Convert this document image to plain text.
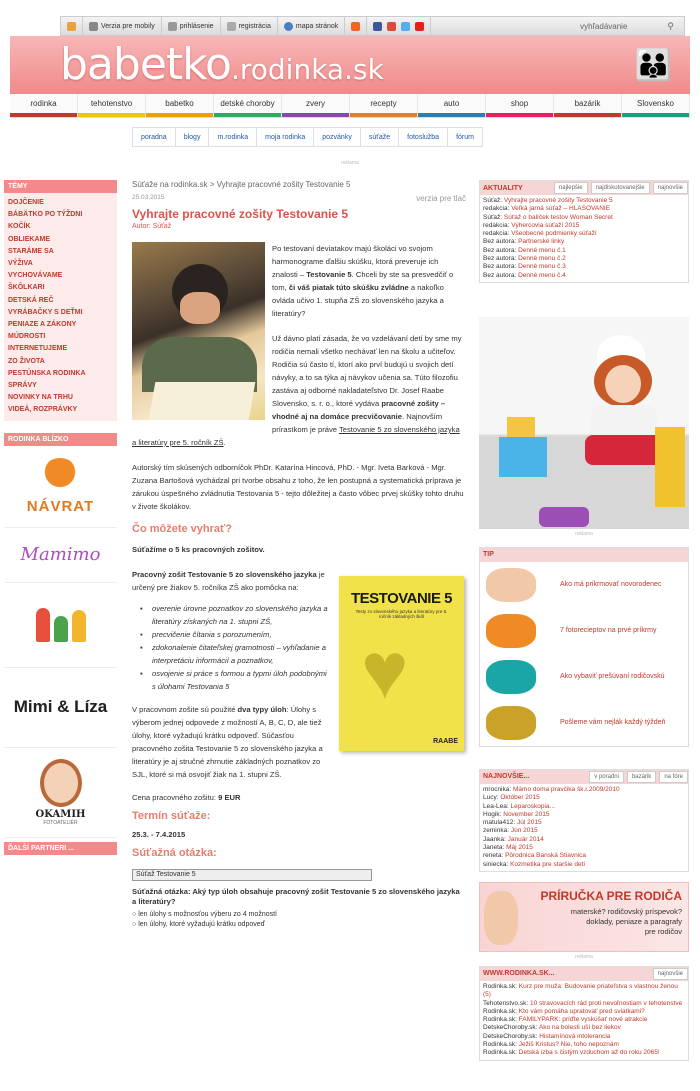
Verzia pre mobily	prihlásenie	registrácia	mapa stránok	vyhľadávanie	⚲
babetko.rodinka.sk	👪
rodinka	tehotenstvo	babetko	detské choroby	zvery	recepty	auto	shop	bazárik	Slovensko
poradna	blogy	m.rodinka	moja rodinka	pozvánky	súťaže	fotoslužba	fórum
reklama
TÉMY
DOJČENIE
BÁBÄTKO PO TÝŽDNI
KOČÍK
OBLIEKAME
STARÁME SA
VÝŽIVA
VYCHOVÁVAME
ŠKÔLKARI
DETSKÁ REČ
VYRÁBAČKY S DEŤMI
PENIAZE A ZÁKONY
MÚDROSTI
INTERNETUJEME
ZO ŽIVOTA
PESTÚNSKA RODINKA
SPRÁVY
NOVINKY NA TRHU
VIDEÁ, ROZPRÁVKY
RODINKA BLÍZKO
NÁVRAT
Mamimo
Mimi & Líza
OKAMIH
FOTOATELIÉR
ĎALŠÍ PARTNERI ...
Súťaže na rodinka.sk > Vyhrajte pracovné zošity Testovanie 5
25.03.2015	verzia pre tlač
Vyhrajte pracovné zošity Testovanie 5
Autor: Súťaž

Po testovaní deviatakov majú školáci vo svojom harmonograme ďalšiu skúšku, ktorá preveruje ich znalosti – Testovanie 5. Chceli by ste sa presvedčiť o tom, či váš piatak túto skúšku zvládne a nakoľko ovláda učivo 1. stupňa ZŠ zo slovenského jazyka a literatúry?

Už dávno platí zásada, že vo vzdelávaní detí by sme my rodičia nemali všetko nechávať len na školu a učiteľov. Rodičia sú často tí, ktorí ako prví budujú u svojich detí návyky, a to sa týka aj návykov učenia sa. Túto filozofiu zastáva aj odborné nakladateľstvo Dr. Josef Raabe Slovensko, s. r. o., ktoré vydáva pracovné zošity – vhodné aj na domáce precvičovanie. Najnovším prírastkom je práve Testovanie 5 zo slovenského jazyka a literatúry pre 5. ročník ZŠ.

Autorský tím skúsených odborníčok PhDr. Katarína Hincová, PhD. - Mgr. Iveta Barková - Mgr. Zuzana Bartošová vychádzal pri tvorbe obsahu z toho, že len postupná a systematická príprava je zárukou úspešného zvládnutia Testovania 5 - tejto dôležitej a často vôbec prvej skúšky tohto druhu v živote školákov.

Čo môžete vyhrať?

Súťažíme o 5 ks pracovných zošitov.

TESTOVANIE 5
Testy zo slovenského jazyka a literatúry pre 5. ročník základných škôl
♥
RAABE

Pracovný zošit Testovanie 5 zo slovenského jazyka je určený pre žiakov 5. ročníka ZŠ ako pomôcka na:

▪ overenie úrovne poznatkov zo slovenského jazyka a literatúry získaných na 1. stupni ZŠ,
▪ precvičenie čítania s porozumením,
▪ zdokonalenie čitateľskej gramotnosti – vyhľadanie a interpretáciu informácií a poznatkov,
▪ osvojenie si práce s formou a typmi úloh podobnými s úlohami Testovania 5

V pracovnom zošite sú použité dva typy úloh: Úlohy s výberom jednej odpovede z možností A, B, C, D, ale tiež úlohy, ktoré vyžadujú krátku odpoveď. Súčasťou pracovného zošita Testovanie 5 zo slovenského jazyka a literatúry je aj stručné zhrnutie základných poznatkov zo SJL, ktoré si má osvojiť žiak na 1. stupni ZŠ.

Cena pracovného zošitu: 9 EUR

Termín súťaže:

25.3. - 7.4.2015

Súťažná otázka:
Súťaž Testovanie 5

Súťažná otázka: Aký typ úloh obsahuje pracovný zošit Testovanie 5 zo slovenského jazyka a literatúry?

○ len úlohy s možnosťou výberu zo 4 možností
○ len úlohy, ktoré vyžadujú krátku odpoveď
AKTUALITY	najlepšie	najdiskutovanejšie	najnovšie
Súťaž: Vyhrajte pracovné zošity Testovanie 5
redakcia: Veľká jarná súťaž – HLASOVANIE
Súťaž: Súťaž o balíček testov Woman Secret
redakcia: Výhercovia súťaží 2015
redakcia: Všeobecné podmienky súťaží
Bez autora: Partnerské linky
Bez autora: Denné menu č.1
Bez autora: Denné menu č.2
Bez autora: Denné menu č.3
Bez autora: Denné menu č.4
reklama
TIP
Ako má prikrmovať novorodenec
7 fotorecieptov na prvé príkrmy
Ako vybaviť prešúvaní rodičovskú
Pošleme vám nejlák každý týždeň
NAJNOVŠIE...	v poradni	bazárik	na fóre
mrocnika: Mámo doma pravčika šk.r.2009/2010
Lucy: Október 2015
Lea-Lea: Leparoskopia...
Hogik: November 2015
matula412: Júl 2015
zeminka: Jún 2015
Jaanka: Január 2014
Janeta: Máj 2015
reneta: Pôrodnica Banská Štiavnica
siniecka: Kozmetika pre staršie deti
PRÍRUČKA PRE RODIČA
materské? rodičovský príspevok?
doklady, peniaze a paragrafy
pre rodičov
reklama
WWW.RODINKA.SK...	najnovšie
Rodinka.sk: Kurz pre muža: Budovanie priateľstva s vlastnou ženou (5)
Tehotenstvo.sk: 10 stravovacích rád proti nevoľnostiam v tehotenstve
Rodinka.sk: Kto vám pomáha upratovať pred sviatkami?
Rodinka.sk: FAMILYPARK: príďte vyskúšať nové atrakcie
DetskeChoroby.sk: Ako na bolesti uší bez liekov
DetskeChoroby.sk: Histamínová intolerancia
Rodinka.sk: Ježiš Kristus? Nie, toho nepoznám
Rodinka.sk: Detská izba s čistým vzduchom až do roku 2065!
